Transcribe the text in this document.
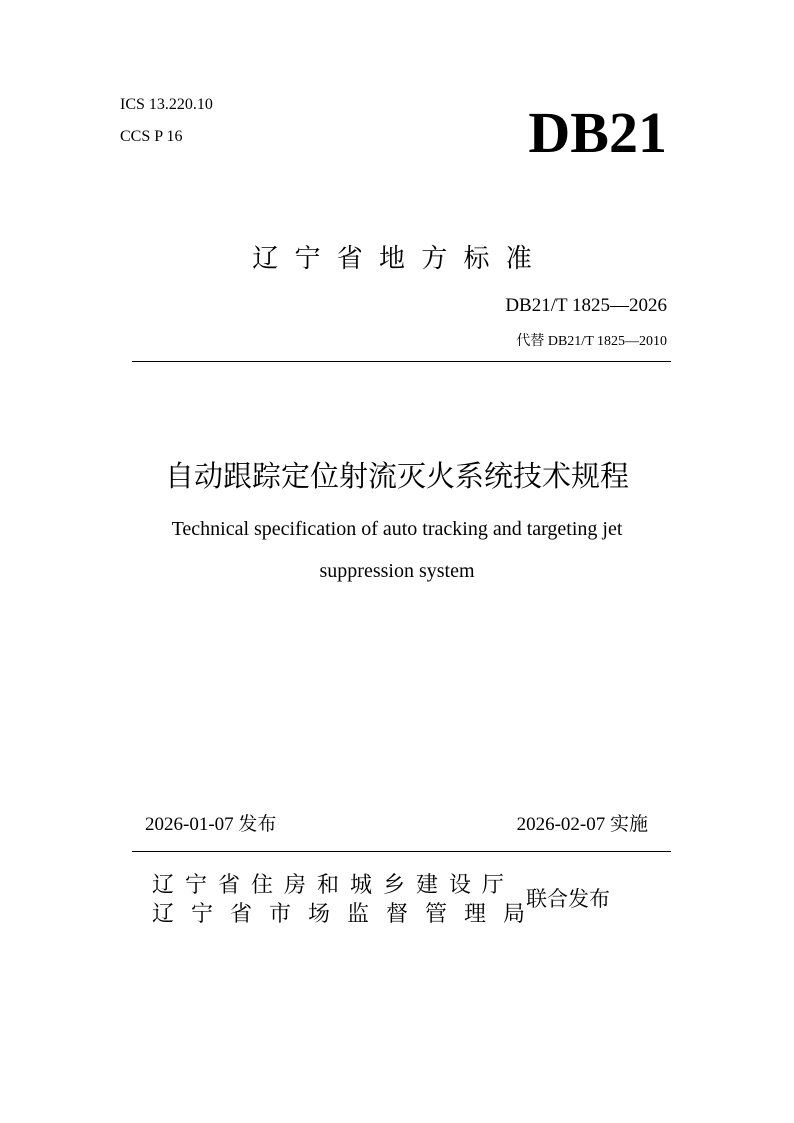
ICS 13.220.10
CCS P 16	DB21
辽 宁 省 地 方 标 准
DB21/T 1825—2026
代替 DB21/T 1825—2010
自动跟踪定位射流灭火系统技术规程
Technical specification of auto tracking and targeting jet
suppression system
2026-01-07 发布	2026-02-07 实施
辽 宁 省 住 房 和 城 乡 建 设 厅
辽 宁 省 市 场 监 督 管 理 局
联合发布
